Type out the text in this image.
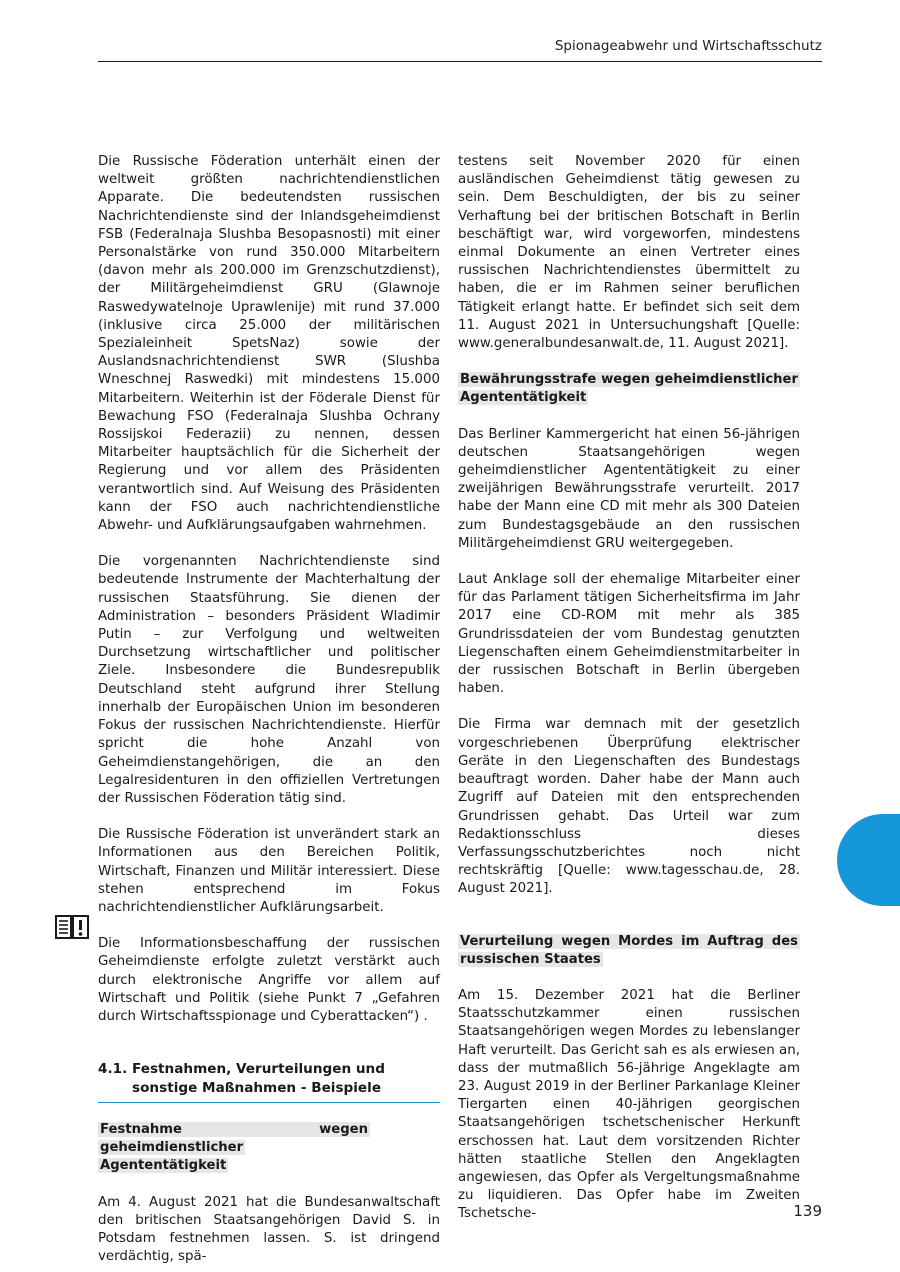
Spionageabwehr und Wirtschaftsschutz

Die Russische Föderation unterhält einen der weltweit größten nachrichtendienstlichen Apparate. Die bedeutendsten russischen Nachrichtendienste sind der Inlandsgeheimdienst FSB (Federalnaja Slushba Besopasnosti) mit einer Personalstärke von rund 350.000 Mitarbeitern (davon mehr als 200.000 im Grenzschutzdienst), der Militärgeheimdienst GRU (Glawnoje Raswedywatelnoje Uprawlenije) mit rund 37.000 (inklusive circa 25.000 der militärischen Spezialeinheit SpetsNaz) sowie der Auslandsnachrichtendienst SWR (Slushba Wneschnej Raswedki) mit mindestens 15.000 Mitarbeitern. Weiterhin ist der Föderale Dienst für Bewachung FSO (Federalnaja Slushba Ochrany Rossijskoi Federazii) zu nennen, dessen Mitarbeiter hauptsächlich für die Sicherheit der Regierung und vor allem des Präsidenten verantwortlich sind. Auf Weisung des Präsidenten kann der FSO auch nachrichtendienstliche Abwehr- und Aufklärungsaufgaben wahrnehmen.

Die vorgenannten Nachrichtendienste sind bedeutende Instrumente der Machterhaltung der russischen Staatsführung. Sie dienen der Administration – besonders Präsident Wladimir Putin – zur Verfolgung und weltweiten Durchsetzung wirtschaftlicher und politischer Ziele. Insbesondere die Bundesrepublik Deutschland steht aufgrund ihrer Stellung innerhalb der Europäischen Union im besonderen Fokus der russischen Nachrichtendienste. Hierfür spricht die hohe Anzahl von Geheimdienstangehörigen, die an den Legalresidenturen in den offiziellen Vertretungen der Russischen Föderation tätig sind.

Die Russische Föderation ist unverändert stark an Informationen aus den Bereichen Politik, Wirtschaft, Finanzen und Militär interessiert. Diese stehen entsprechend im Fokus nachrichtendienstlicher Aufklärungsarbeit.

Die Informationsbeschaffung der russischen Geheimdienste erfolgte zuletzt verstärkt auch durch elektronische Angriffe vor allem auf Wirtschaft und Politik (siehe Punkt 7 „Gefahren durch Wirtschaftsspionage und Cyberattacken“) .

4.1. Festnahmen, Verurteilungen und sonstige Maßnahmen - Beispiele

Festnahme wegen geheimdienstlicher Agententätigkeit

Am 4. August 2021 hat die Bundesanwaltschaft den britischen Staatsangehörigen David S. in Potsdam festnehmen lassen. S. ist dringend verdächtig, spä-

testens seit November 2020 für einen ausländischen Geheimdienst tätig gewesen zu sein. Dem Beschuldigten, der bis zu seiner Verhaftung bei der britischen Botschaft in Berlin beschäftigt war, wird vorgeworfen, mindestens einmal Dokumente an einen Vertreter eines russischen Nachrichtendienstes übermittelt zu haben, die er im Rahmen seiner beruflichen Tätigkeit erlangt hatte. Er befindet sich seit dem 11. August 2021 in Untersuchungshaft [Quelle: www.generalbundesanwalt.de, 11. August 2021].

Bewährungsstrafe wegen geheimdienstlicher Agententätigkeit

Das Berliner Kammergericht hat einen 56-jährigen deutschen Staatsangehörigen wegen geheimdienstlicher Agententätigkeit zu einer zweijährigen Bewährungsstrafe verurteilt. 2017 habe der Mann eine CD mit mehr als 300 Dateien zum Bundestagsgebäude an den russischen Militärgeheimdienst GRU weitergegeben.

Laut Anklage soll der ehemalige Mitarbeiter einer für das Parlament tätigen Sicherheitsfirma im Jahr 2017 eine CD-ROM mit mehr als 385 Grundrissdateien der vom Bundestag genutzten Liegenschaften einem Geheimdienstmitarbeiter in der russischen Botschaft in Berlin übergeben haben.

Die Firma war demnach mit der gesetzlich vorgeschriebenen Überprüfung elektrischer Geräte in den Liegenschaften des Bundestags beauftragt worden. Daher habe der Mann auch Zugriff auf Dateien mit den entsprechenden Grundrissen gehabt. Das Urteil war zum Redaktionsschluss dieses Verfassungsschutzberichtes noch nicht rechtskräftig [Quelle: www.tagesschau.de, 28. August 2021].

Verurteilung wegen Mordes im Auftrag des russischen Staates

Am 15. Dezember 2021 hat die Berliner Staatsschutzkammer einen russischen Staatsangehörigen wegen Mordes zu lebenslanger Haft verurteilt. Das Gericht sah es als erwiesen an, dass der mutmaßlich 56-jährige Angeklagte am 23. August 2019 in der Berliner Parkanlage Kleiner Tiergarten einen 40-jährigen georgischen Staatsangehörigen tschetschenischer Herkunft erschossen hat. Laut dem vorsitzenden Richter hätten staatliche Stellen den Angeklagten angewiesen, das Opfer als Vergeltungsmaßnahme zu liquidieren. Das Opfer habe im Zweiten Tschetsche-	139
